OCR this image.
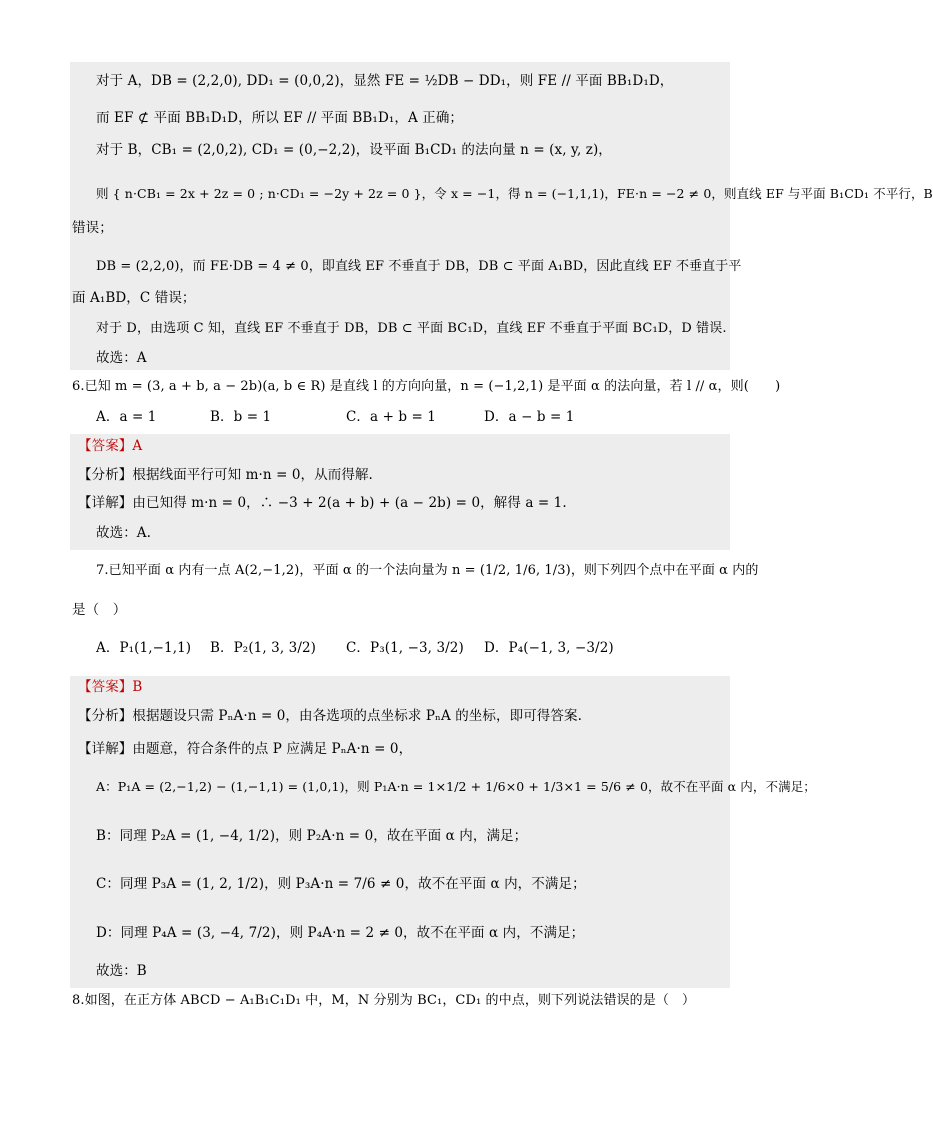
对于 A，DB = (2,2,0), DD₁ = (0,0,2)，显然 FE = ½DB − DD₁，则 FE // 平面 BB₁D₁D，
而 EF ⊄ 平面 BB₁D₁D，所以 EF // 平面 BB₁D₁，A 正确；
对于 B，CB₁ = (2,0,2), CD₁ = (0,−2,2)，设平面 B₁CD₁ 的法向量 n = (x, y, z)，
则 { n·CB₁ = 2x + 2z = 0 ; n·CD₁ = −2y + 2z = 0 }，令 x = −1，得 n = (−1,1,1)，FE·n = −2 ≠ 0，则直线 EF 与平面 B₁CD₁ 不平行，B
错误；
DB = (2,2,0)，而 FE·DB = 4 ≠ 0，即直线 EF 不垂直于 DB，DB ⊂ 平面 A₁BD，因此直线 EF 不垂直于平
面 A₁BD，C 错误；
对于 D，由选项 C 知，直线 EF 不垂直于 DB，DB ⊂ 平面 BC₁D，直线 EF 不垂直于平面 BC₁D，D 错误.
故选：A
6.已知 m = (3, a + b, a − 2b)(a, b ∈ R) 是直线 l 的方向向量，n = (−1,2,1) 是平面 α 的法向量，若 l // α，则(　　)
A．a = 1	B．b = 1	C．a + b = 1	D．a − b = 1
【答案】A
【分析】根据线面平行可知 m·n = 0，从而得解.
【详解】由已知得 m·n = 0，∴ −3 + 2(a + b) + (a − 2b) = 0，解得 a = 1.
故选：A.
7.已知平面 α 内有一点 A(2,−1,2)，平面 α 的一个法向量为 n = (1/2, 1/6, 1/3)，则下列四个点中在平面 α 内的
是（　）
A．P₁(1,−1,1) B．P₂(1, 3, 3/2) C．P₃(1, −3, 3/2) D．P₄(−1, 3, −3/2)
【答案】B
【分析】根据题设只需 PₙA·n = 0，由各选项的点坐标求 PₙA 的坐标，即可得答案.
【详解】由题意，符合条件的点 P 应满足 PₙA·n = 0，
A：P₁A = (2,−1,2) − (1,−1,1) = (1,0,1)，则 P₁A·n = 1×1/2 + 1/6×0 + 1/3×1 = 5/6 ≠ 0，故不在平面 α 内，不满足；
B：同理 P₂A = (1, −4, 1/2)，则 P₂A·n = 0，故在平面 α 内，满足；
C：同理 P₃A = (1, 2, 1/2)，则 P₃A·n = 7/6 ≠ 0，故不在平面 α 内，不满足；
D：同理 P₄A = (3, −4, 7/2)，则 P₄A·n = 2 ≠ 0，故不在平面 α 内，不满足；
故选：B
8.如图，在正方体 ABCD − A₁B₁C₁D₁ 中，M，N 分别为 BC₁，CD₁ 的中点，则下列说法错误的是（　）
